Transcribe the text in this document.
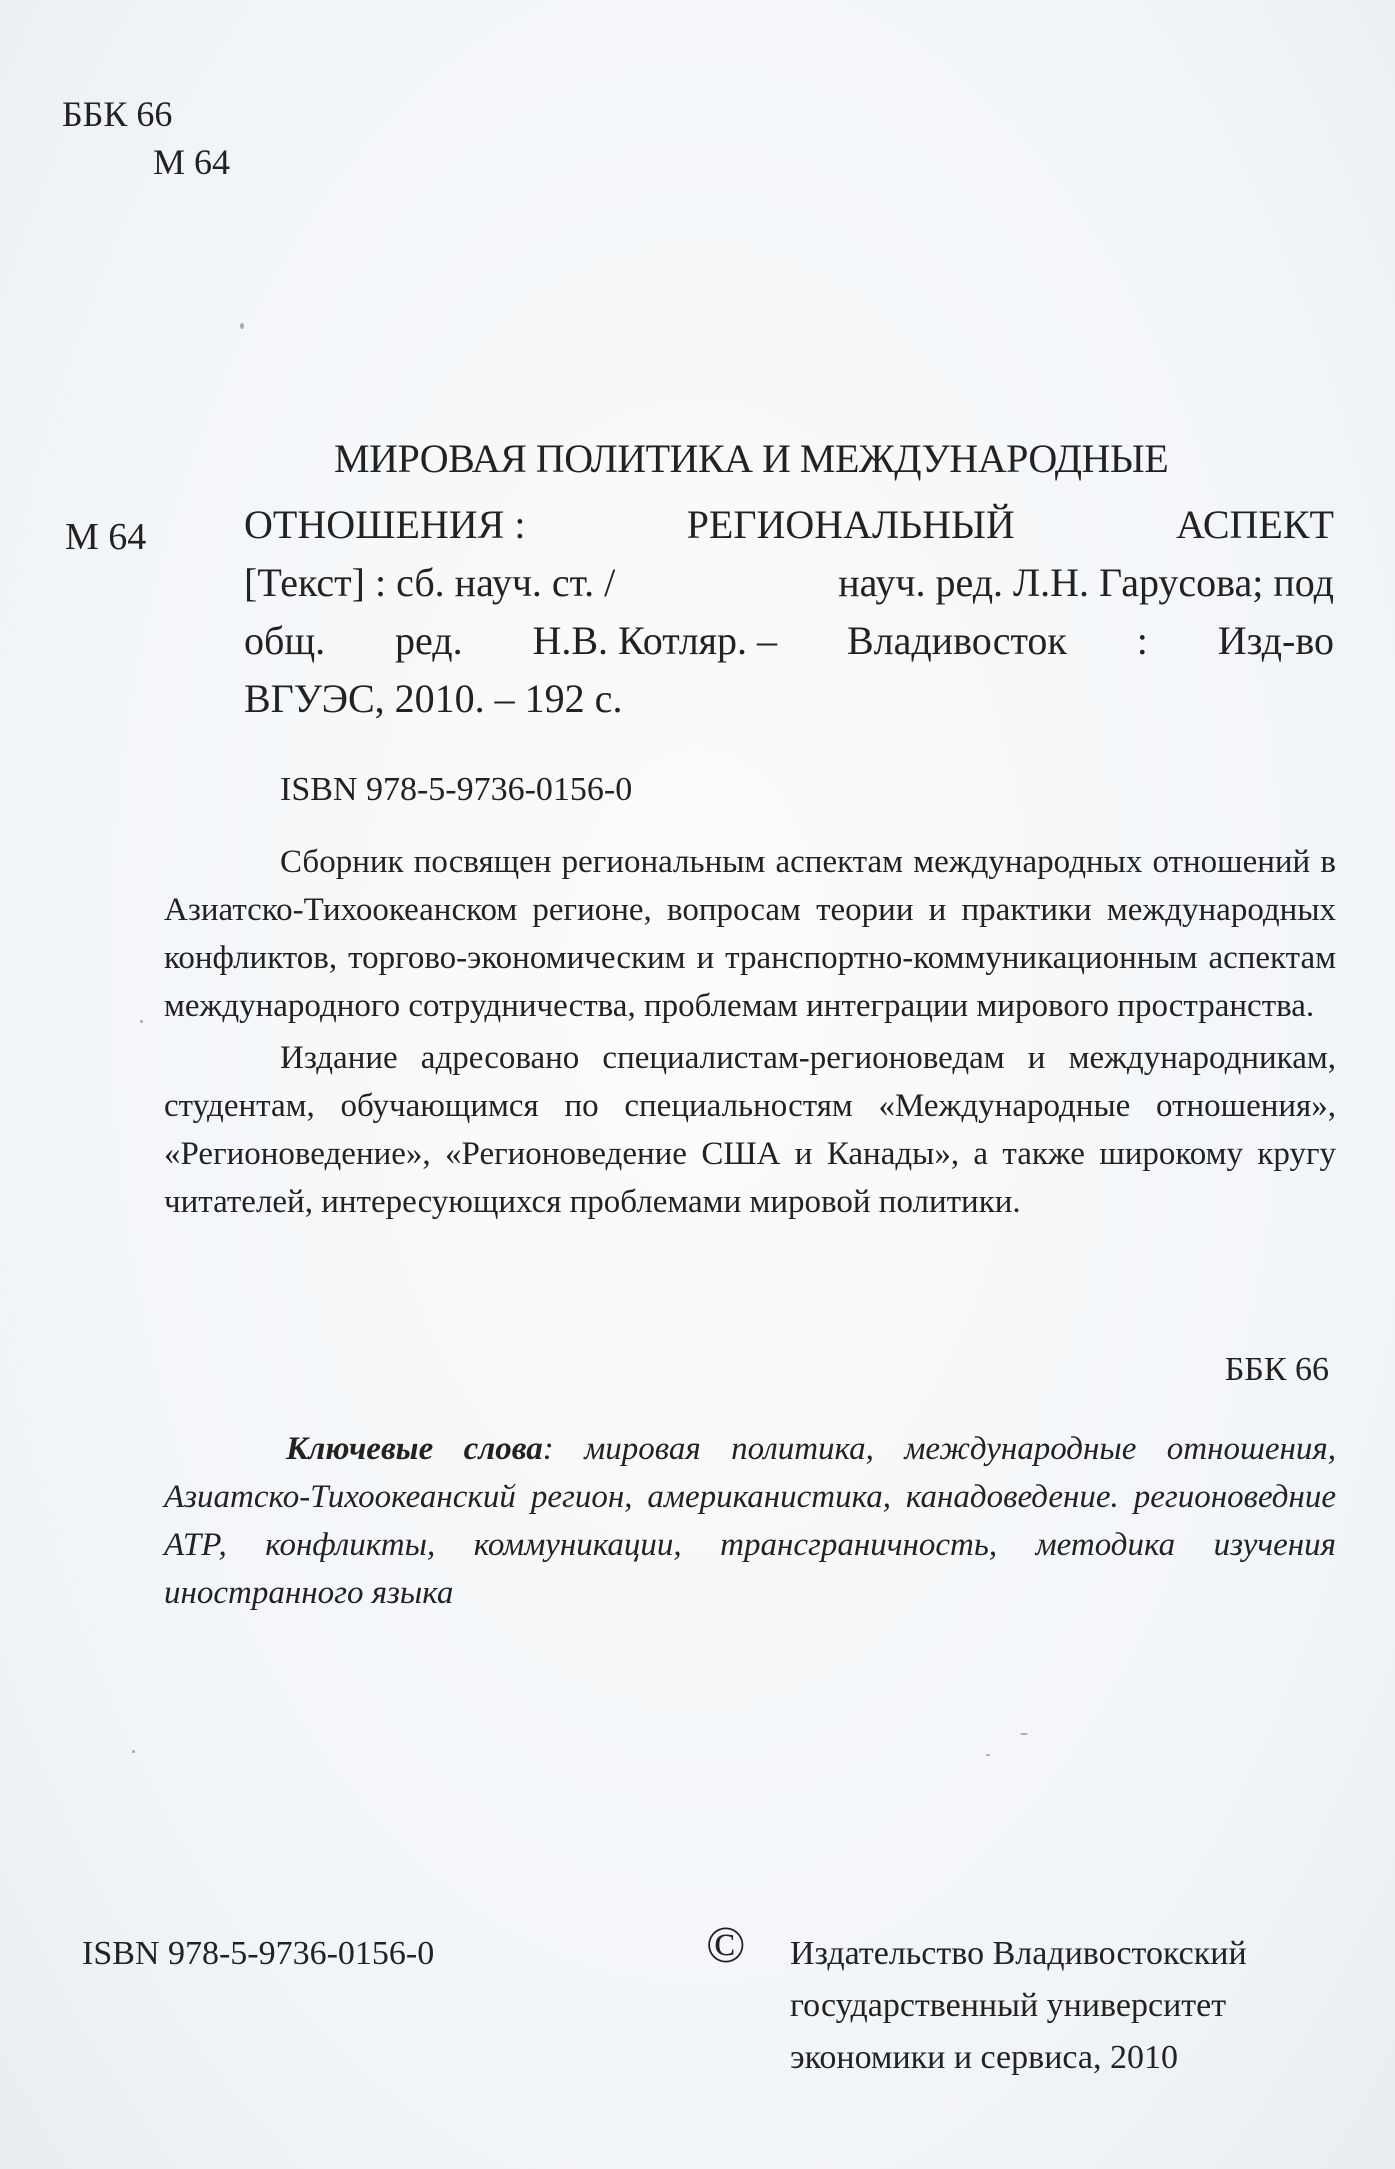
ББК 66
М 64
М 64
МИРОВАЯ ПОЛИТИКА И МЕЖДУНАРОДНЫЕ
ОТНОШЕНИЯ :	РЕГИОНАЛЬНЫЙ	АСПЕКТ
[Текст] : сб. науч. ст. /	науч. ред. Л.Н. Гарусова; под
общ. ред. Н.В. Котляр. – Владивосток : Изд-во
ВГУЭС, 2010. – 192 с.
ISBN 978-5-9736-0156-0

Сборник посвящен региональным аспектам международных отношений в Азиатско-Тихоокеанском регионе, вопросам теории и практики международных конфликтов, торгово-экономическим и транспортно-коммуникационным аспектам международного сотрудничества, проблемам интеграции мирового пространства.

Издание адресовано специалистам-регионоведам и международникам, студентам, обучающимся по специальностям «Международные отношения», «Регионоведение», «Регионоведение США и Канады», а также широкому кругу читателей, интересующихся проблемами мировой политики.

ББК 66
Ключевые слова: мировая политика, международные отношения, Азиатско-Тихоокеанский регион, американистика, канадоведение. регионоведние АТР, конфликты, коммуникации, трансграничность, методика изучения иностранного языка
ISBN 978-5-9736-0156-0	© Издательство Владивостокский
государственный университет
экономики и сервиса, 2010
